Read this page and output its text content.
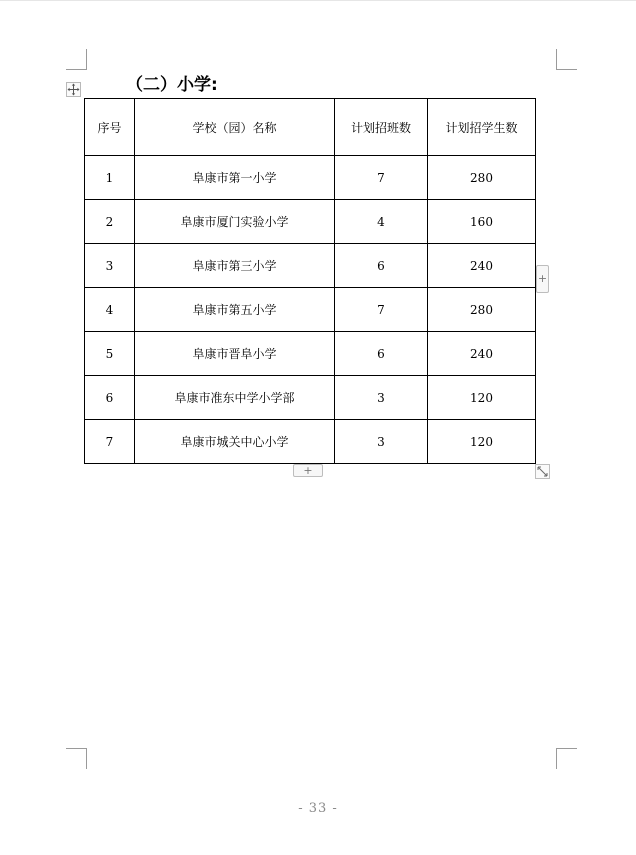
（二）小学:
序号	学校（园）名称	计划招班数	计划招学生数
1	阜康市第一小学	7	280
2	阜康市厦门实验小学	4	160
3	阜康市第三小学	6	240
4	阜康市第五小学	7	280
5	阜康市晋阜小学	6	240
6	阜康市准东中学小学部	3	120
7	阜康市城关中心小学	3	120
+
+
- 33 -
